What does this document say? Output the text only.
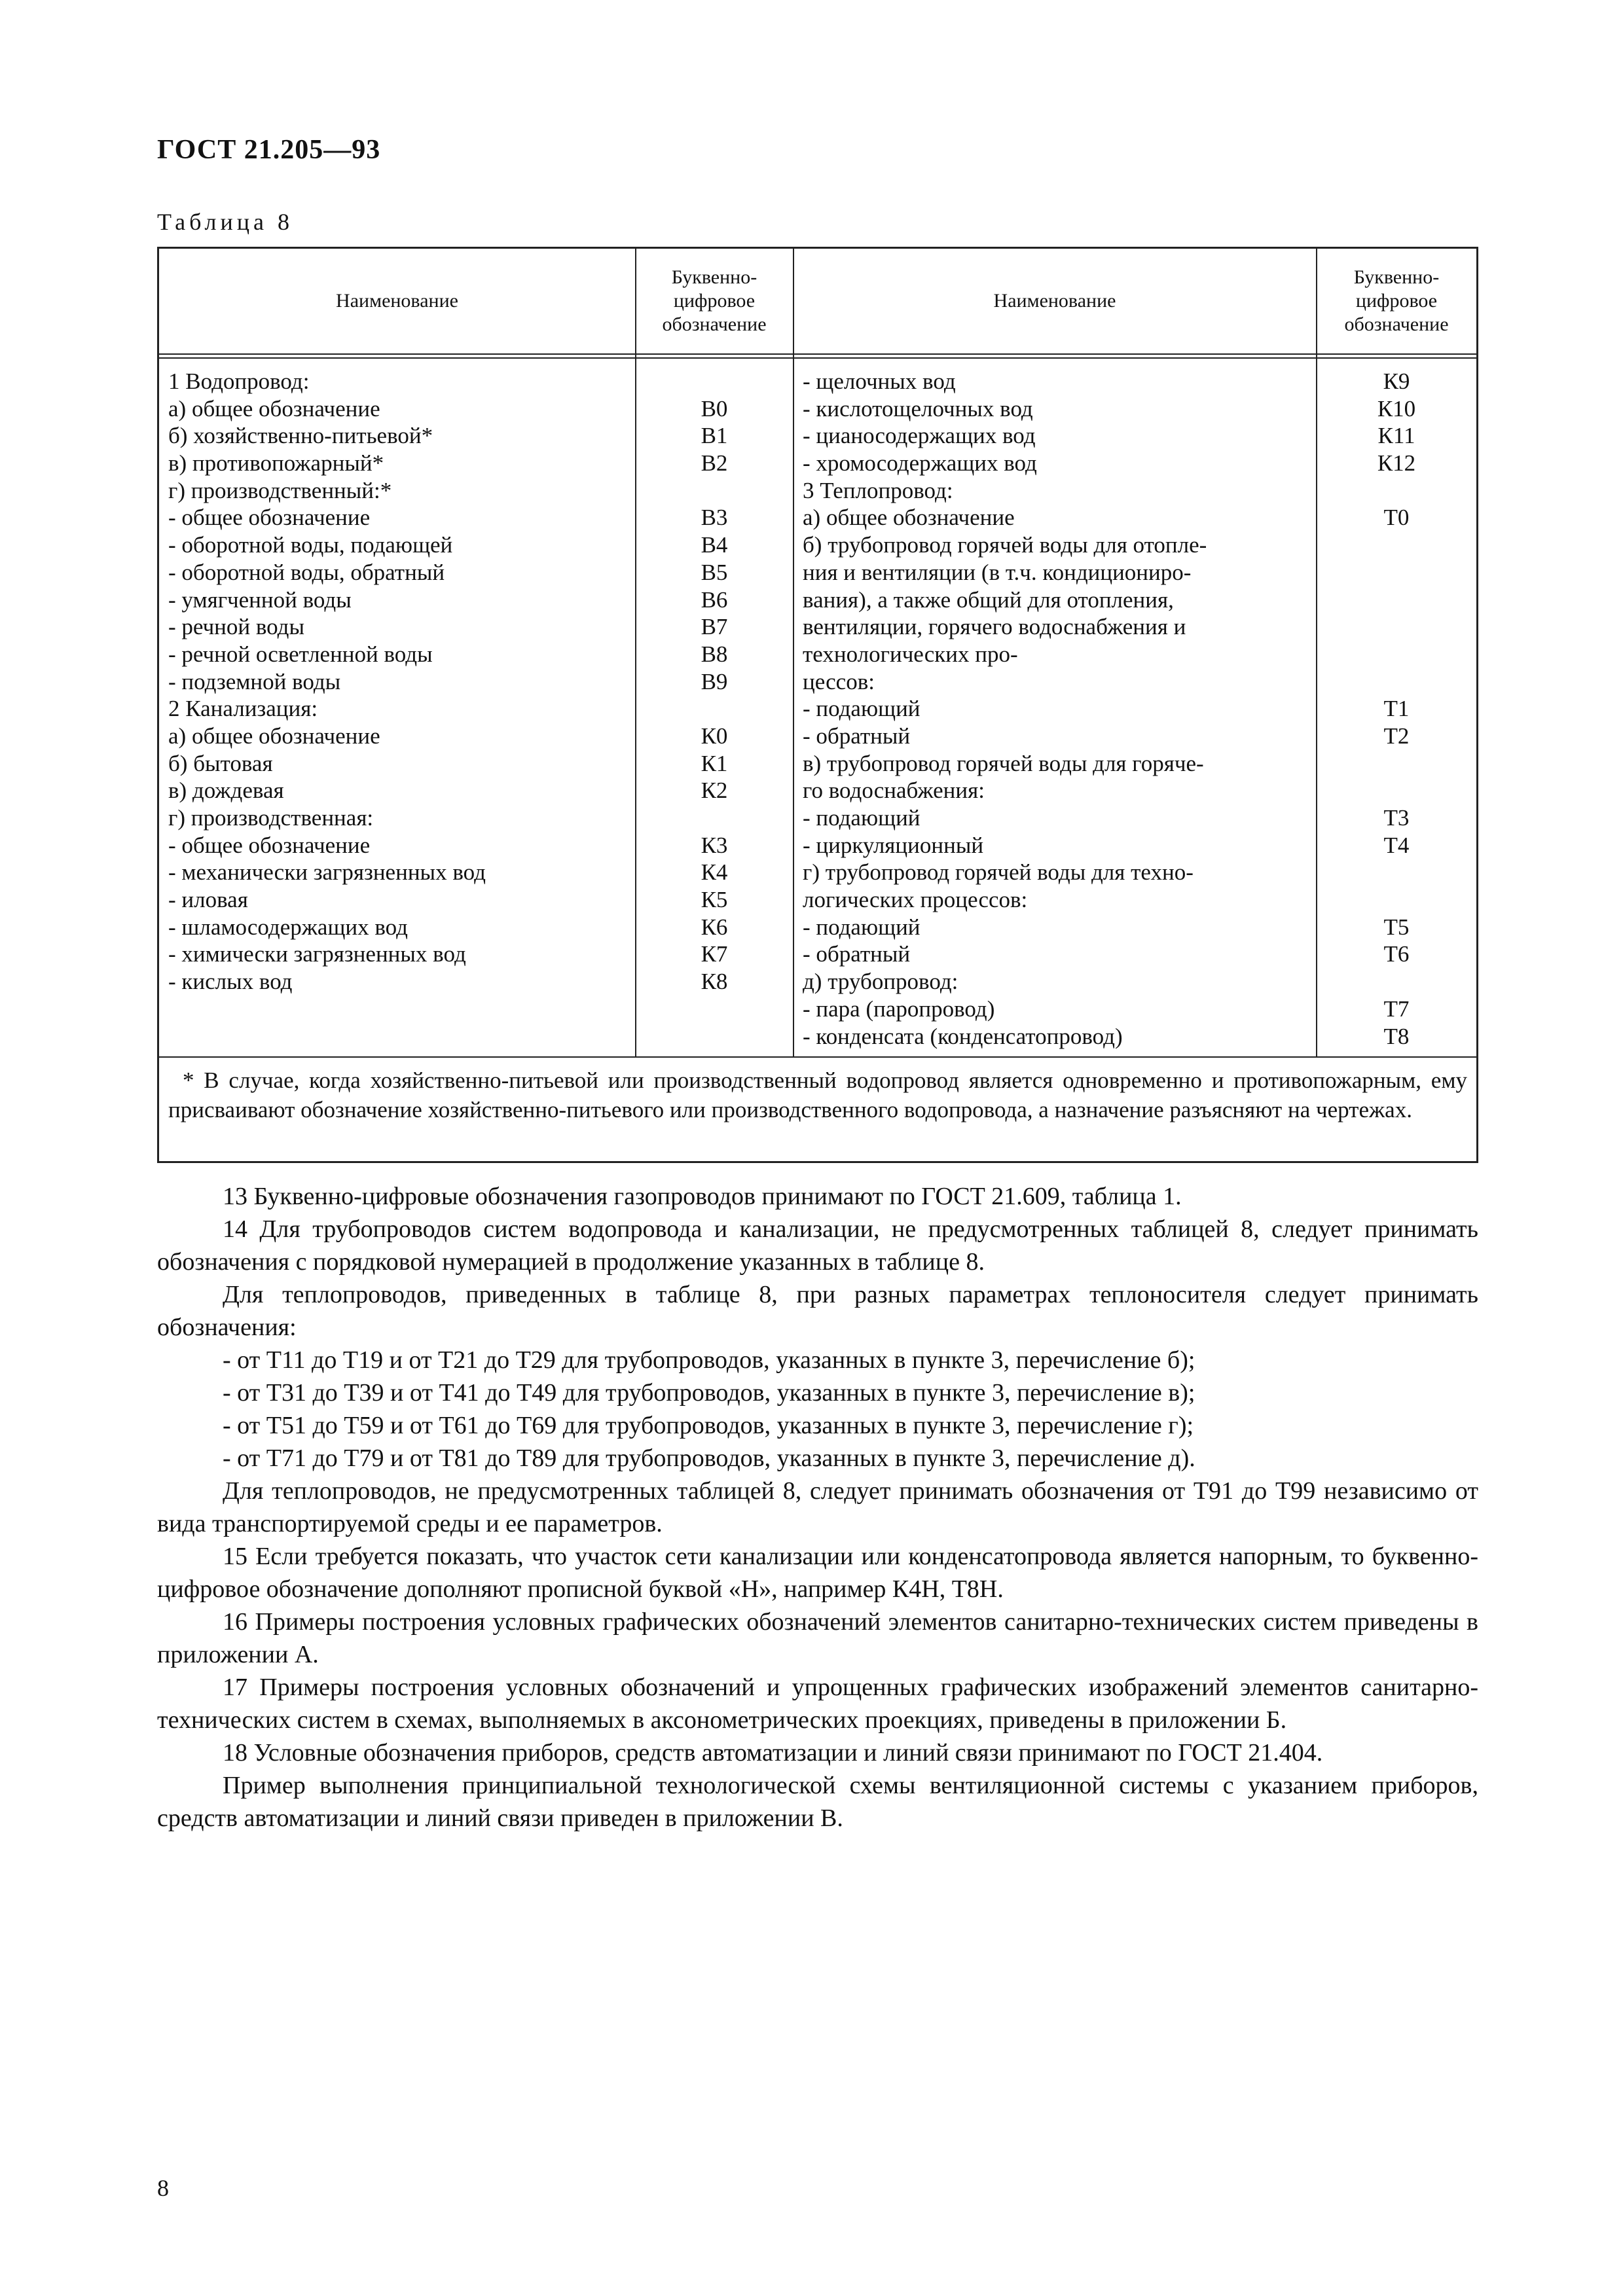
ГОСТ 21.205—93
Таблица 8
Наименование
Буквенно-
цифровое
обозначение
Наименование
Буквенно-
цифровое
обозначение
1 Водопровод:
а) общее обозначение
б) хозяйственно-питьевой*
в) противопожарный*
г) производственный:*
- общее обозначение
- оборотной воды, подающей
- оборотной воды, обратный
- умягченной воды
- речной воды
- речной осветленной воды
- подземной воды
2 Канализация:
а) общее обозначение
б) бытовая
в) дождевая
г) производственная:
- общее обозначение
- механически загрязненных вод
- иловая
- шламосодержащих вод
- химически загрязненных вод
- кислых вод
В0
В1
В2
В3
В4
В5
В6
В7
В8
В9
К0
К1
К2
К3
К4
К5
К6
К7
К8
- щелочных вод
- кислотощелочных вод
- цианосодержащих вод
- хромосодержащих вод
3 Теплопровод:
а) общее обозначение
б) трубопровод горячей воды для отопле-
ния и вентиляции (в т.ч. кондициониро-
вания), а также общий для отопления,
вентиляции, горячего водоснабжения и
технологических про-
цессов:
- подающий
- обратный
в) трубопровод горячей воды для горяче-
го водоснабжения:
- подающий
- циркуляционный
г) трубопровод горячей воды для техно-
логических процессов:
- подающий
- обратный
д) трубопровод:
- пара (паропровод)
- конденсата (конденсатопровод)
К9
К10
К11
К12
Т0
Т1
Т2
Т3
Т4
Т5
Т6
Т7
Т8
* В случае, когда хозяйственно-питьевой или производственный водопровод является одновременно и противопожарным, ему присваивают обозначение хозяйственно-питьевого или производственного водопровода, а назначение разъясняют на чертежах.

13 Буквенно-цифровые обозначения газопроводов принимают по ГОСТ 21.609, таблица 1.

14 Для трубопроводов систем водопровода и канализации, не предусмотренных таблицей 8, следует принимать обозначения с порядковой нумерацией в продолжение указанных в таблице 8.

Для теплопроводов, приведенных в таблице 8, при разных параметрах теплоносителя следует принимать обозначения:

- от Т11 до Т19 и от Т21 до Т29 для трубопроводов, указанных в пункте 3, перечисление б);

- от Т31 до Т39 и от Т41 до Т49 для трубопроводов, указанных в пункте 3, перечисление в);

- от Т51 до Т59 и от Т61 до Т69 для трубопроводов, указанных в пункте 3, перечисление г);

- от Т71 до Т79 и от Т81 до Т89 для трубопроводов, указанных в пункте 3, перечисление д).

Для теплопроводов, не предусмотренных таблицей 8, следует принимать обозначения от Т91 до Т99 независимо от вида транспортируемой среды и ее параметров.

15 Если требуется показать, что участок сети канализации или конденсатопровода является напорным, то буквенно-цифровое обозначение дополняют прописной буквой «Н», например К4Н, Т8Н.

16 Примеры построения условных графических обозначений элементов санитарно-технических систем приведены в приложении А.

17 Примеры построения условных обозначений и упрощенных графических изображений элементов санитарно-технических систем в схемах, выполняемых в аксонометрических проекциях, приведены в приложении Б.

18 Условные обозначения приборов, средств автоматизации и линий связи принимают по ГОСТ 21.404.

Пример выполнения принципиальной технологической схемы вентиляционной системы с указанием приборов, средств автоматизации и линий связи приведен в приложении В.

8
